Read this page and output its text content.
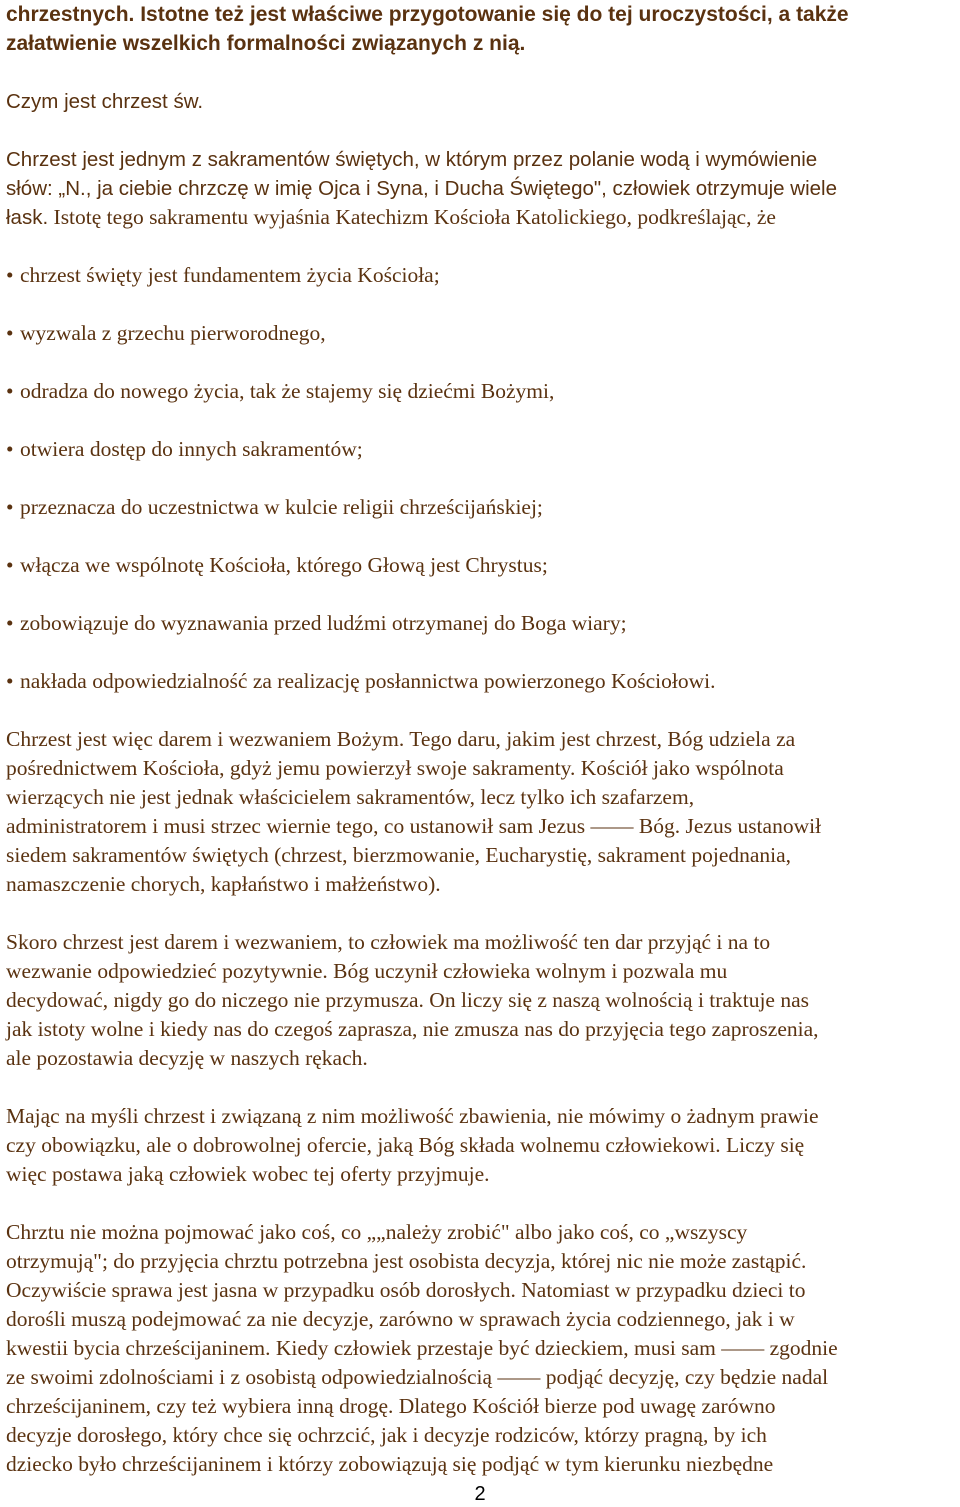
chrzestnych. Istotne też jest właściwe przygotowanie się do tej uroczystości, a także

załatwienie wszelkich formalności związanych z nią.

Czym jest chrzest św.

Chrzest jest jednym z sakramentów świętych, w którym przez polanie wodą i wymówienie

słów: „N., ja ciebie chrzczę w imię Ojca i Syna, i Ducha Świętego", człowiek otrzymuje wiele

łask. Istotę tego sakramentu wyjaśnia Katechizm Kościoła Katolickiego, podkreślając, że

• chrzest święty jest fundamentem życia Kościoła;
• wyzwala z grzechu pierworodnego,
• odradza do nowego życia, tak że stajemy się dziećmi Bożymi,
• otwiera dostęp do innych sakramentów;
• przeznacza do uczestnictwa w kulcie religii chrześcijańskiej;
• włącza we wspólnotę Kościoła, którego Głową jest Chrystus;
• zobowiązuje do wyznawania przed ludźmi otrzymanej do Boga wiary;
• nakłada odpowiedzialność za realizację posłannictwa powierzonego Kościołowi.

Chrzest jest więc darem i wezwaniem Bożym. Tego daru, jakim jest chrzest, Bóg udziela za

pośrednictwem Kościoła, gdyż jemu powierzył swoje sakramenty. Kościół jako wspólnota

wierzących nie jest jednak właścicielem sakramentów, lecz tylko ich szafarzem,

administratorem i musi strzec wiernie tego, co ustanowił sam Jezus —— Bóg. Jezus ustanowił

siedem sakramentów świętych (chrzest, bierzmowanie, Eucharystię, sakrament pojednania,

namaszczenie chorych, kapłaństwo i małżeństwo).

Skoro chrzest jest darem i wezwaniem, to człowiek ma możliwość ten dar przyjąć i na to

wezwanie odpowiedzieć pozytywnie. Bóg uczynił człowieka wolnym i pozwala mu

decydować, nigdy go do niczego nie przymusza. On liczy się z naszą wolnością i traktuje nas

jak istoty wolne i kiedy nas do czegoś zaprasza, nie zmusza nas do przyjęcia tego zaproszenia,

ale pozostawia decyzję w naszych rękach.

Mając na myśli chrzest i związaną z nim możliwość zbawienia, nie mówimy o żadnym prawie

czy obowiązku, ale o dobrowolnej ofercie, jaką Bóg składa wolnemu człowiekowi. Liczy się

więc postawa jaką człowiek wobec tej oferty przyjmuje.

Chrztu nie można pojmować jako coś, co „„należy zrobić" albo jako coś, co „wszyscy

otrzymują"; do przyjęcia chrztu potrzebna jest osobista decyzja, której nic nie może zastąpić.

Oczywiście sprawa jest jasna w przypadku osób dorosłych. Natomiast w przypadku dzieci to

dorośli muszą podejmować za nie decyzje, zarówno w sprawach życia codziennego, jak i w

kwestii bycia chrześcijaninem. Kiedy człowiek przestaje być dzieckiem, musi sam —— zgodnie

ze swoimi zdolnościami i z osobistą odpowiedzialnością —— podjąć decyzję, czy będzie nadal

chrześcijaninem, czy też wybiera inną drogę. Dlatego Kościół bierze pod uwagę zarówno

decyzje dorosłego, który chce się ochrzcić, jak i decyzje rodziców, którzy pragną, by ich

dziecko było chrześcijaninem i którzy zobowiązują się podjąć w tym kierunku niezbędne

2
